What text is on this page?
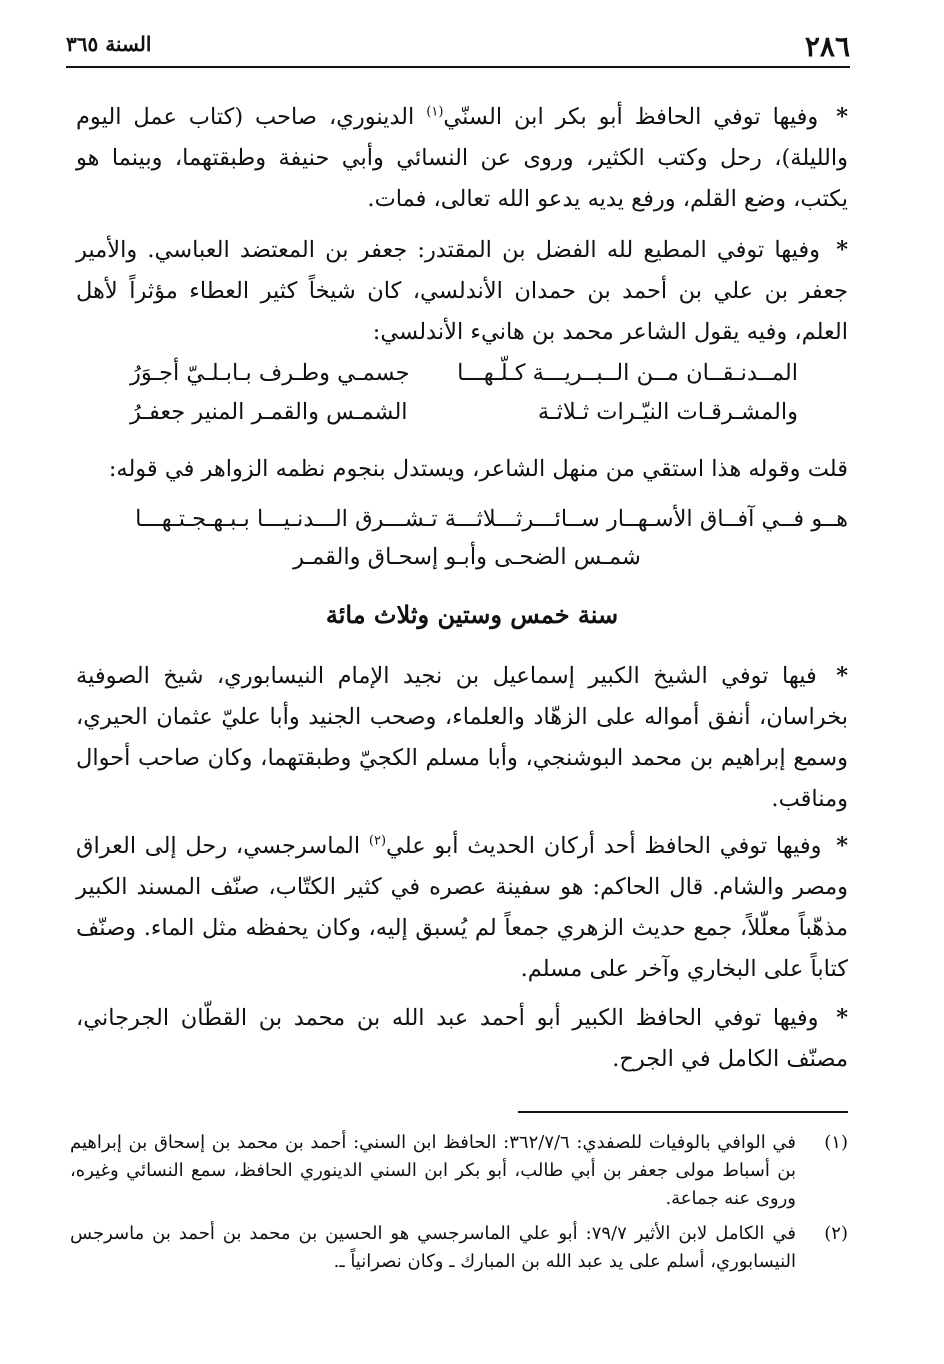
٢٨٦
السنة ٣٦٥

* وفيها توفي الحافظ أبو بكر ابن السنّي$^{(١)}$ الدينوري، صاحب (كتاب عمل اليوم والليلة)، رحل وكتب الكثير، وروى عن النسائي وأبي حنيفة وطبقتهما، وبينما هو يكتب، وضع القلم، ورفع يديه يدعو الله تعالى، فمات.

* وفيها توفي المطيع لله الفضل بن المقتدر: جعفر بن المعتضد العباسي. والأمير جعفر بن علي بن أحمد بن حمدان الأندلسي، كان شيخاً كثير العطاء مؤثراً لأهل العلم، وفيه يقول الشاعر محمد بن هانيء الأندلسي:

المــدنـقــان مــن الــبــريـــة كـلّـهـــا
جسمـي وطـرف بـابـلـيّ أجـوَرُ
والمشـرقـات النيّـرات ثـلاثـة
الشمـس والقمـر المنير جعفـرُ

قلت وقوله هذا استقي من منهل الشاعر، ويستدل بنجوم نظمه الزواهر في قوله:

هــو فــي آفــاق الأسـهــار ســائـــر
ثـــلاثـــة تـشـــرق الـــدنـيـــا بـبـهـجـتـهـــا
شمـس الضحـى وأبـو إسحـاق والقمـر
سنة خمس وستين وثلاث مائة

* فيها توفي الشيخ الكبير إسماعيل بن نجيد الإمام النيسابوري، شيخ الصوفية بخراسان، أنفق أمواله على الزهّاد والعلماء، وصحب الجنيد وأبا عليّ عثمان الحيري، وسمع إبراهيم بن محمد البوشنجي، وأبا مسلم الكجيّ وطبقتهما، وكان صاحب أحوال ومناقب.

* وفيها توفي الحافظ أحد أركان الحديث أبو علي$^{(٢)}$ الماسرجسي، رحل إلى العراق ومصر والشام. قال الحاكم: هو سفينة عصره في كثير الكتّاب، صنّف المسند الكبير مذهّباً معلّلاً، جمع حديث الزهري جمعاً لم يُسبق إليه، وكان يحفظه مثل الماء. وصنّف كتاباً على البخاري وآخر على مسلم.

* وفيها توفي الحافظ الكبير أبو أحمد عبد الله بن محمد بن القطّان الجرجاني، مصنّف الكامل في الجرح.

(١)
في الوافي بالوفيات للصفدي: ٣٦٢/٧/٦: الحافظ ابن السني: أحمد بن محمد بن إسحاق بن إبراهيم بن أسباط مولى جعفر بن أبي طالب، أبو بكر ابن السني الدينوري الحافظ، سمع النسائي وغيره، وروى عنه جماعة.
(٢)
في الكامل لابن الأثير ٧٩/٧: أبو علي الماسرجسي هو الحسين بن محمد بن أحمد بن ماسرجس النيسابوري، أسلم على يد عبد الله بن المبارك ـ وكان نصرانياً ـ.
